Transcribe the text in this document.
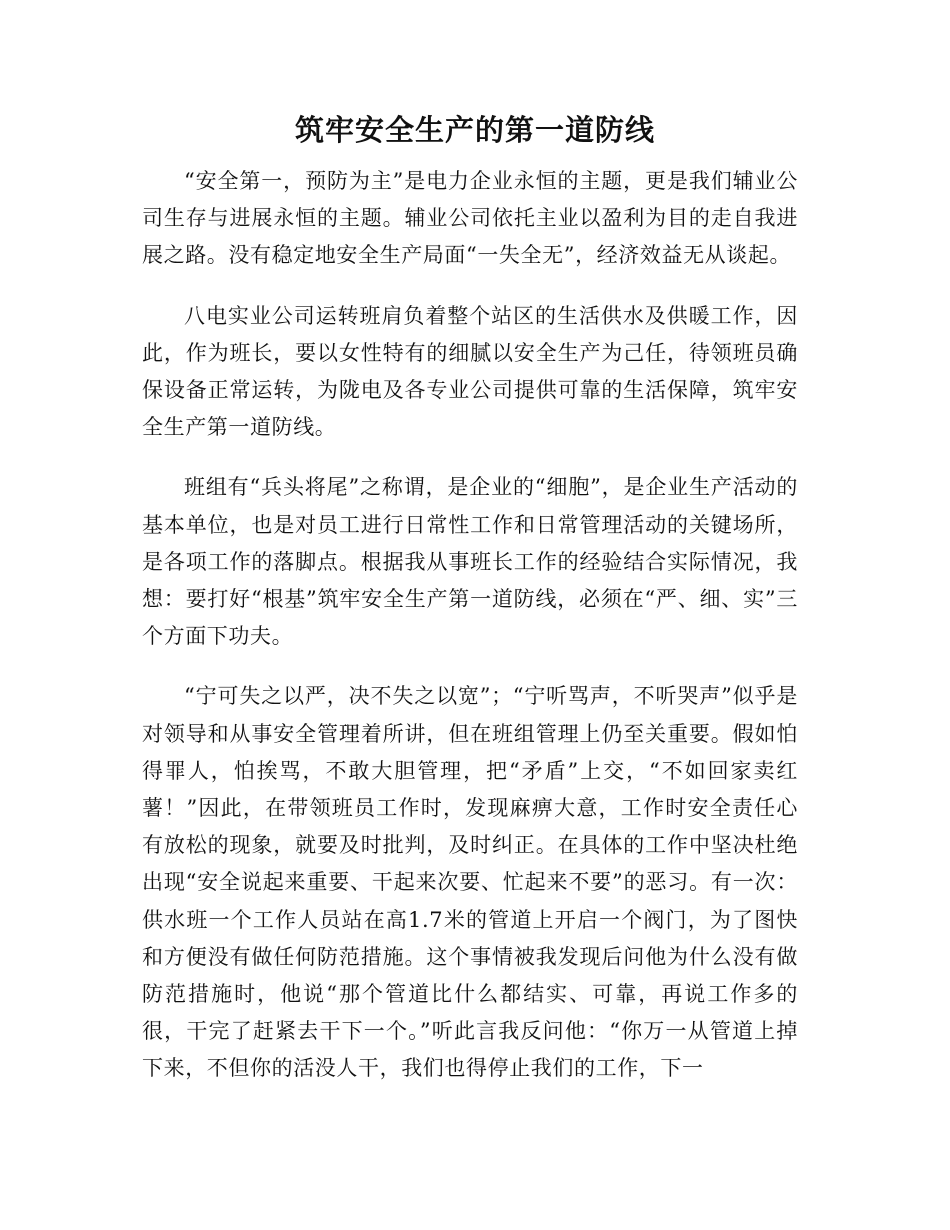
筑牢安全生产的第一道防线

“安全第一，预防为主”是电力企业永恒的主题，更是我们辅业公司生存与进展永恒的主题。辅业公司依托主业以盈利为目的走自我进展之路。没有稳定地安全生产局面“一失全无”，经济效益无从谈起。

八电实业公司运转班肩负着整个站区的生活供水及供暖工作，因此，作为班长，要以女性特有的细腻以安全生产为己任，待领班员确保设备正常运转，为陇电及各专业公司提供可靠的生活保障，筑牢安全生产第一道防线。

班组有“兵头将尾”之称谓，是企业的“细胞”，是企业生产活动的基本单位，也是对员工进行日常性工作和日常管理活动的关键场所，是各项工作的落脚点。根据我从事班长工作的经验结合实际情况，我想：要打好“根基”筑牢安全生产第一道防线，必须在“严、细、实”三个方面下功夫。

“宁可失之以严，决不失之以宽”；“宁听骂声，不听哭声”似乎是对领导和从事安全管理着所讲，但在班组管理上仍至关重要。假如怕得罪人，怕挨骂，不敢大胆管理，把“矛盾”上交，“不如回家卖红薯！”因此，在带领班员工作时，发现麻痹大意，工作时安全责任心有放松的现象，就要及时批判，及时纠正。在具体的工作中坚决杜绝出现“安全说起来重要、干起来次要、忙起来不要”的恶习。有一次：供水班一个工作人员站在高1.7米的管道上开启一个阀门，为了图快和方便没有做任何防范措施。这个事情被我发现后问他为什么没有做防范措施时，他说“那个管道比什么都结实、可靠，再说工作多的很，干完了赶紧去干下一个。”听此言我反问他：“你万一从管道上掉下来，不但你的活没人干，我们也得停止我们的工作，下一
